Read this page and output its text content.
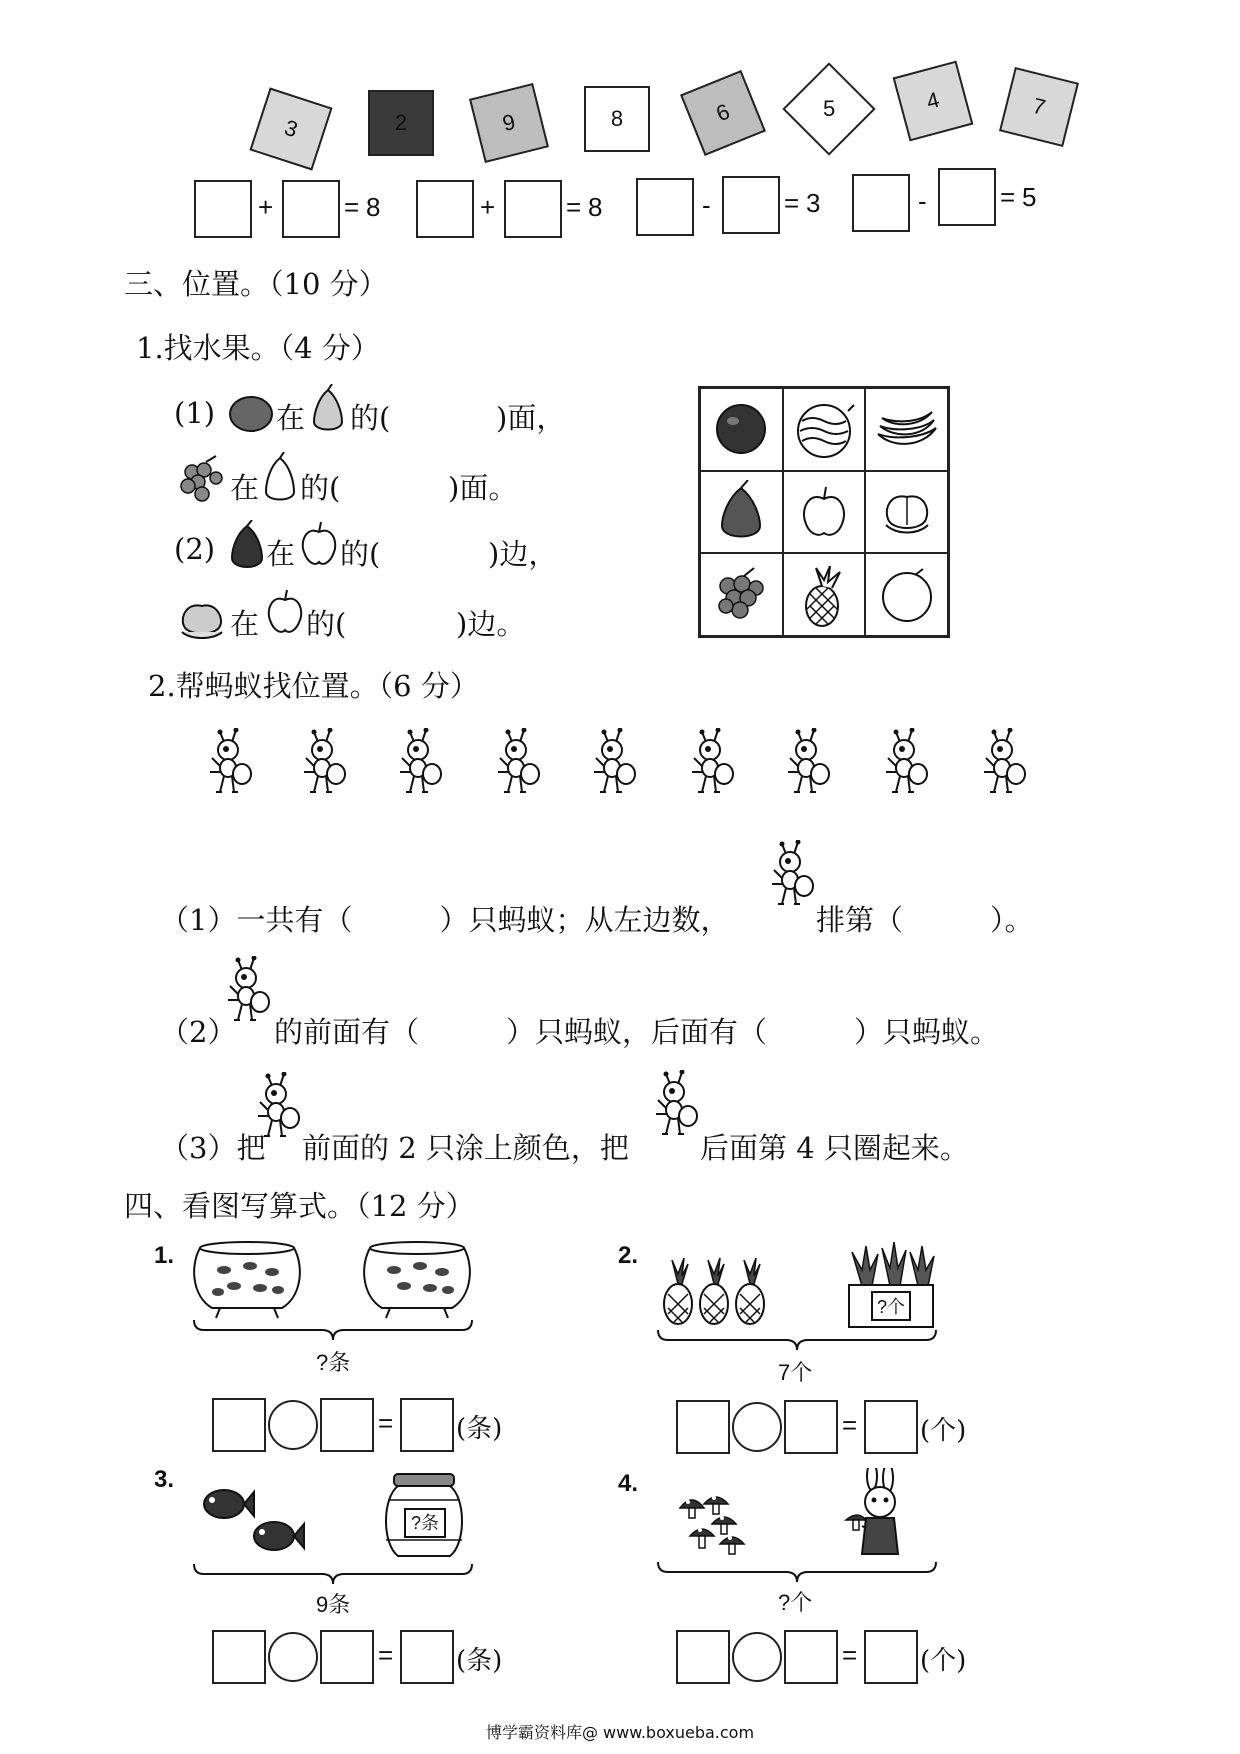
3	2	9	8	6	5	4	7
+	= 8	+	= 8	-	= 3	-	= 5
三、位置。（10 分）
1.找水果。（4 分）
(1) 在 的(	)面，
在 的(	)面。
(2) 在 的(	)边，
在 的(	)边。
2.帮蚂蚁找位置。（6 分）
（1）一共有（　　　）只蚂蚁；从左边数，	排第（　　　）。
（2） 的前面有（　　　）只蚂蚁，后面有（　　　）只蚂蚁。
（3）把 前面的 2 只涂上颜色，把 后面第 4 只圈起来。
四、看图写算式。（12 分）
1.
?条
= (条)
2.
?个
7个
= (个)
3.
?条
9条
= (条)
4.
?个
= (个)
博学霸资料库@ www.boxueba.com
